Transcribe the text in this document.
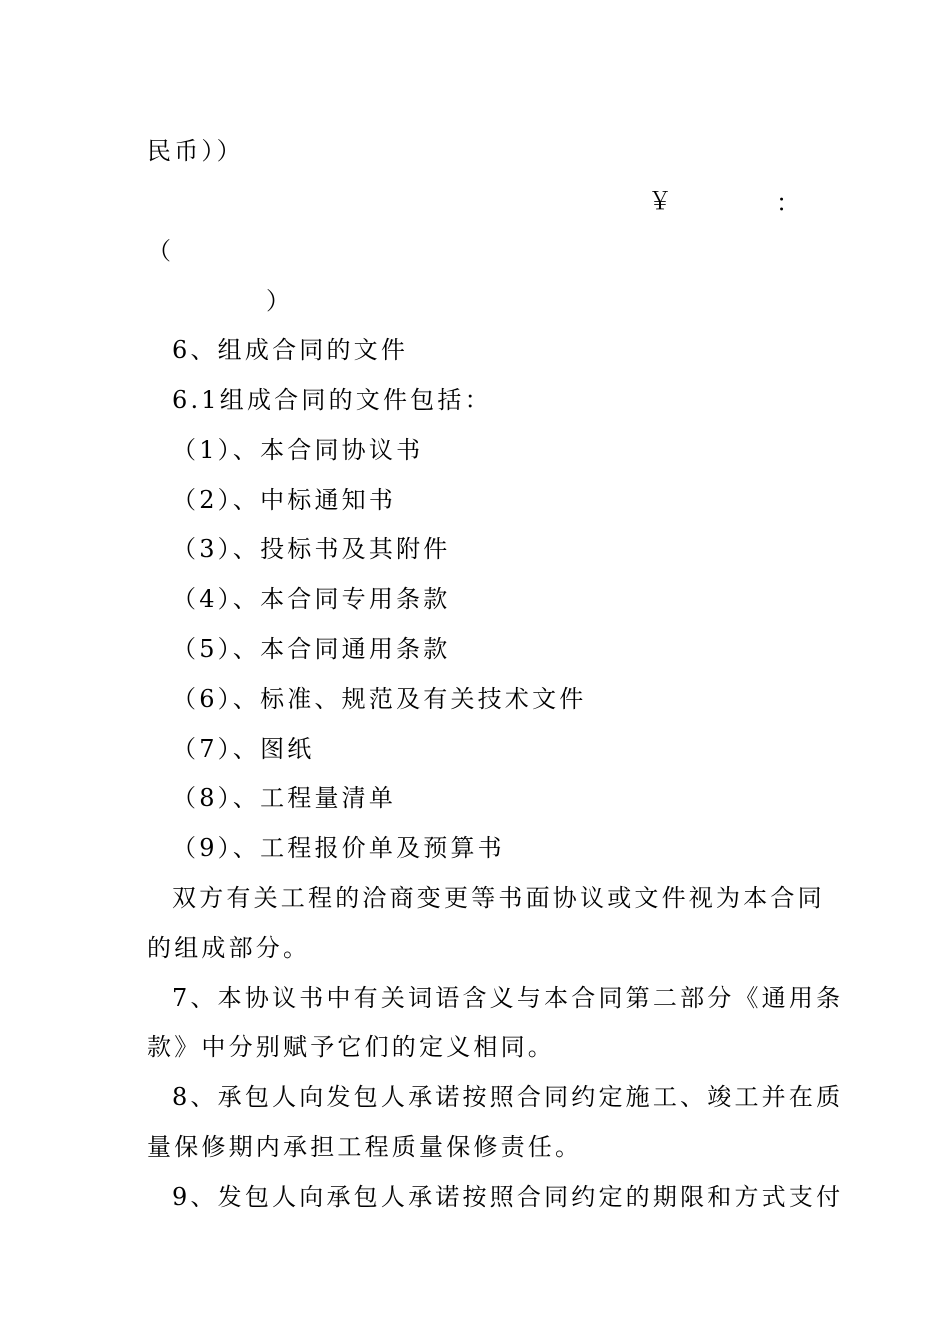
民币））
￥	：
（
）
6、组成合同的文件
6.1组成合同的文件包括：
（1）、本合同协议书
（2）、中标通知书
（3）、投标书及其附件
（4）、本合同专用条款
（5）、本合同通用条款
（6）、标准、规范及有关技术文件
（7）、图纸
（8）、工程量清单
（9）、工程报价单及预算书
双方有关工程的洽商变更等书面协议或文件视为本合同
的组成部分。
7、本协议书中有关词语含义与本合同第二部分《通用条
款》中分别赋予它们的定义相同。
8、承包人向发包人承诺按照合同约定施工、竣工并在质
量保修期内承担工程质量保修责任。
9、发包人向承包人承诺按照合同约定的期限和方式支付
